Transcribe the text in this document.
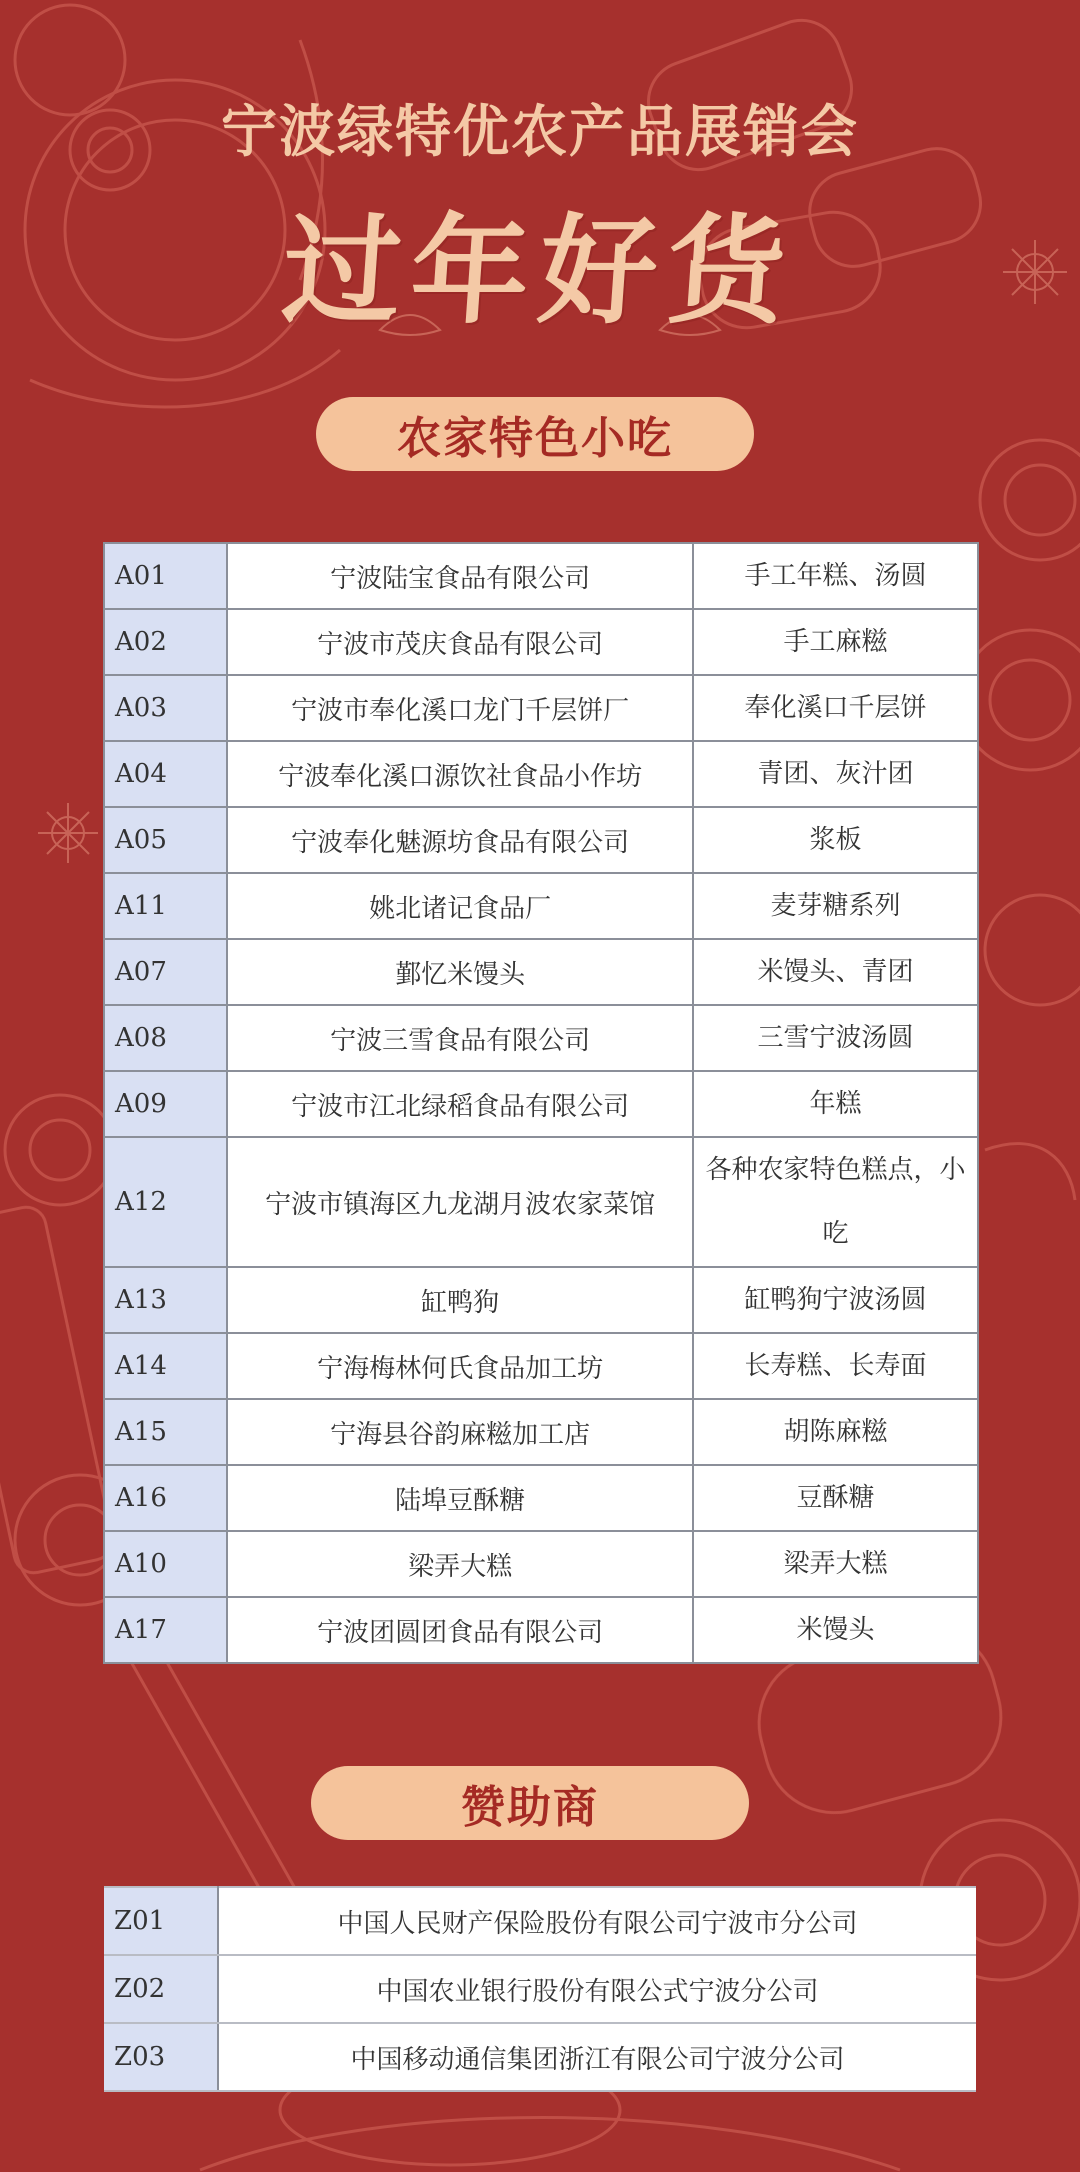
宁波绿特优农产品展销会
过年好货
农家特色小吃
A01	宁波陆宝食品有限公司	手工年糕、汤圆
A02	宁波市茂庆食品有限公司	手工麻糍
A03	宁波市奉化溪口龙门千层饼厂	奉化溪口千层饼
A04	宁波奉化溪口源饮社食品小作坊	青团、灰汁团
A05	宁波奉化魅源坊食品有限公司	浆板
A11	姚北诸记食品厂	麦芽糖系列
A07	鄞忆米馒头	米馒头、青团
A08	宁波三雪食品有限公司	三雪宁波汤圆
A09	宁波市江北绿稻食品有限公司	年糕
A12	宁波市镇海区九龙湖月波农家菜馆	各种农家特色糕点，小吃
A13	缸鸭狗	缸鸭狗宁波汤圆
A14	宁海梅林何氏食品加工坊	长寿糕、长寿面
A15	宁海县谷韵麻糍加工店	胡陈麻糍
A16	陆埠豆酥糖	豆酥糖
A10	梁弄大糕	梁弄大糕
A17	宁波团圆团食品有限公司	米馒头
赞助商
Z01	中国人民财产保险股份有限公司宁波市分公司
Z02	中国农业银行股份有限公式宁波分公司
Z03	中国移动通信集团浙江有限公司宁波分公司
